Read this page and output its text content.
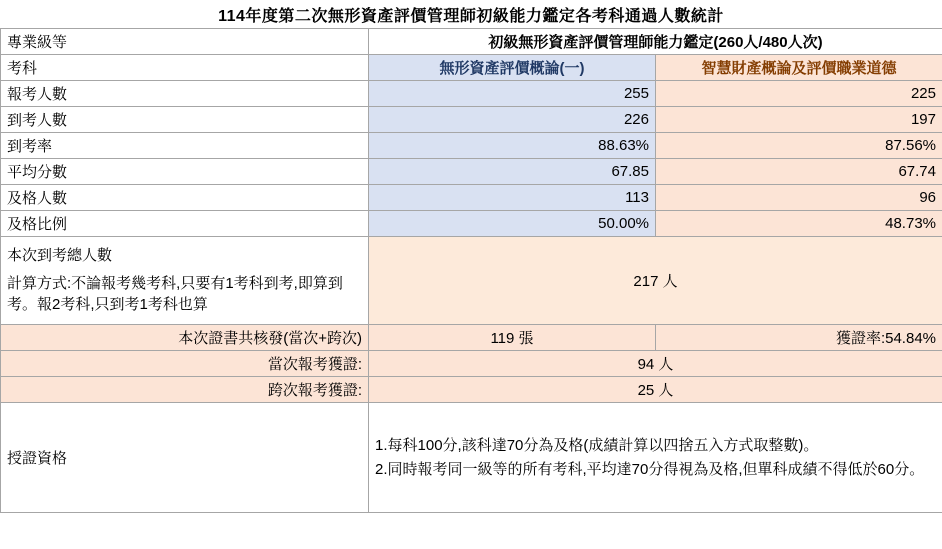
114年度第二次無形資產評價管理師初級能力鑑定各考科通過人數統計
專業級等	初級無形資產評價管理師能力鑑定(260人/480人次)	
考科	無形資產評價概論(一)	智慧財產概論及評價職業道德
報考人數	255	225
到考人數	226	197
到考率	88.63%	87.56%
平均分數	67.85	67.74
及格人數	113	96
及格比例	50.00%	48.73%

本次到考總人數
計算方式:不論報考幾考科,只要有1考科到考,即算到考。報2考科,只到考1考科也算	217 人	
本次證書共核發(當次+跨次)	119 張	獲證率:54.84%
當次報考獲證:	94 人	
跨次報考獲證:	25 人	
授證資格	1.每科100分,該科達70分為及格(成績計算以四捨五入方式取整數)。
2.同時報考同一級等的所有考科,平均達70分得視為及格,但單科成績不得低於60分。	
